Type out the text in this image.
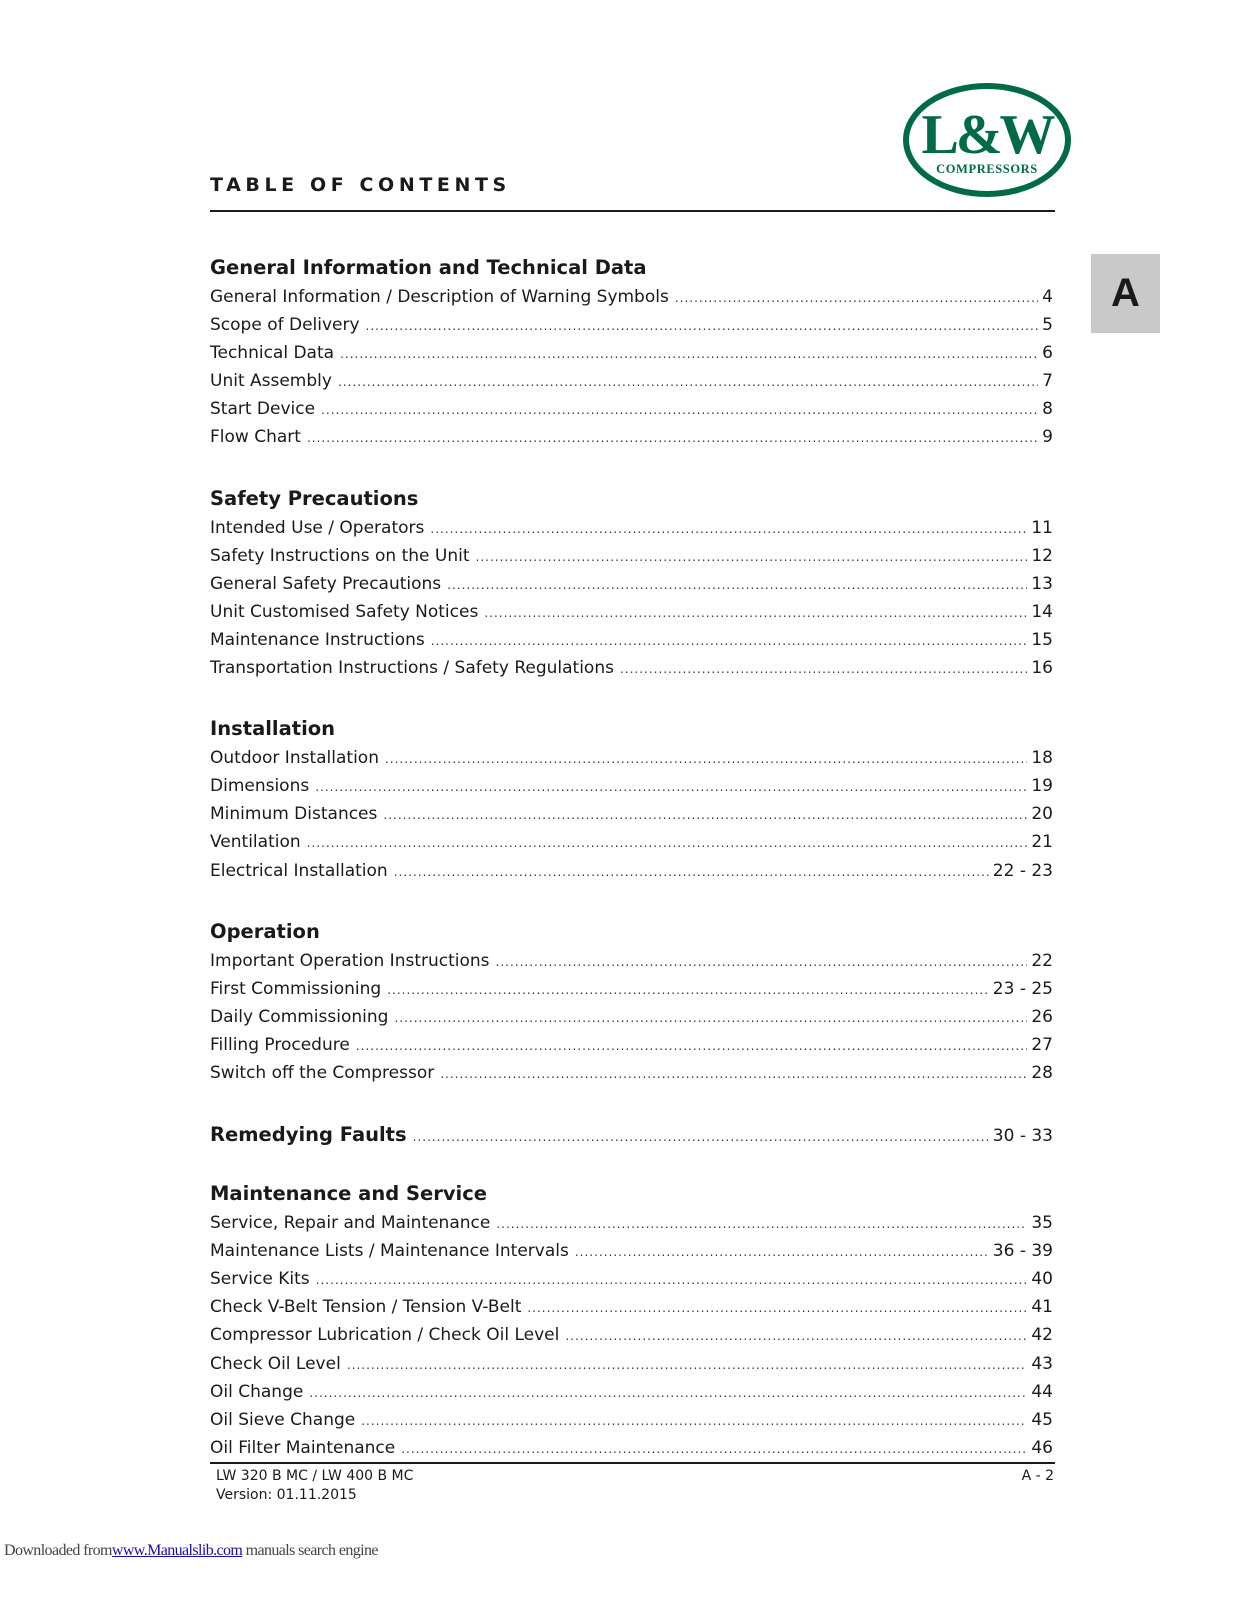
TABLE OF CONTENTS
L&W
COMPRESSORS
A
General Information and Technical Data
General Information / Description of Warning Symbols .....	4
Scope of Delivery .....	5
Technical Data .....	6
Unit Assembly .....	7
Start Device .....	8
Flow Chart .....	9
Safety Precautions
Intended Use / Operators .....	11
Safety Instructions on the Unit .....	12
General Safety Precautions .....	13
Unit Customised Safety Notices .....	14
Maintenance Instructions .....	15
Transportation Instructions / Safety Regulations .....	16
Installation
Outdoor Installation .....	18
Dimensions .....	19
Minimum Distances .....	20
Ventilation .....	21
Electrical Installation .....	22 - 23
Operation
Important Operation Instructions .....	22
First Commissioning .....	23 - 25
Daily Commissioning .....	26
Filling Procedure .....	27
Switch off the Compressor .....	28
Remedying Faults .....	30 - 33
Maintenance and Service
Service, Repair and Maintenance .....	35
Maintenance Lists / Maintenance Intervals .....	36 - 39
Service Kits .....	40
Check V-Belt Tension / Tension V-Belt .....	41
Compressor Lubrication / Check Oil Level .....	42
Check Oil Level .....	43
Oil Change .....	44
Oil Sieve Change .....	45
Oil Filter Maintenance .....	46
LW 320 B MC / LW 400 B MC
Version: 01.11.2015
A - 2
Downloaded fromwww.Manualslib.com manuals search engine
